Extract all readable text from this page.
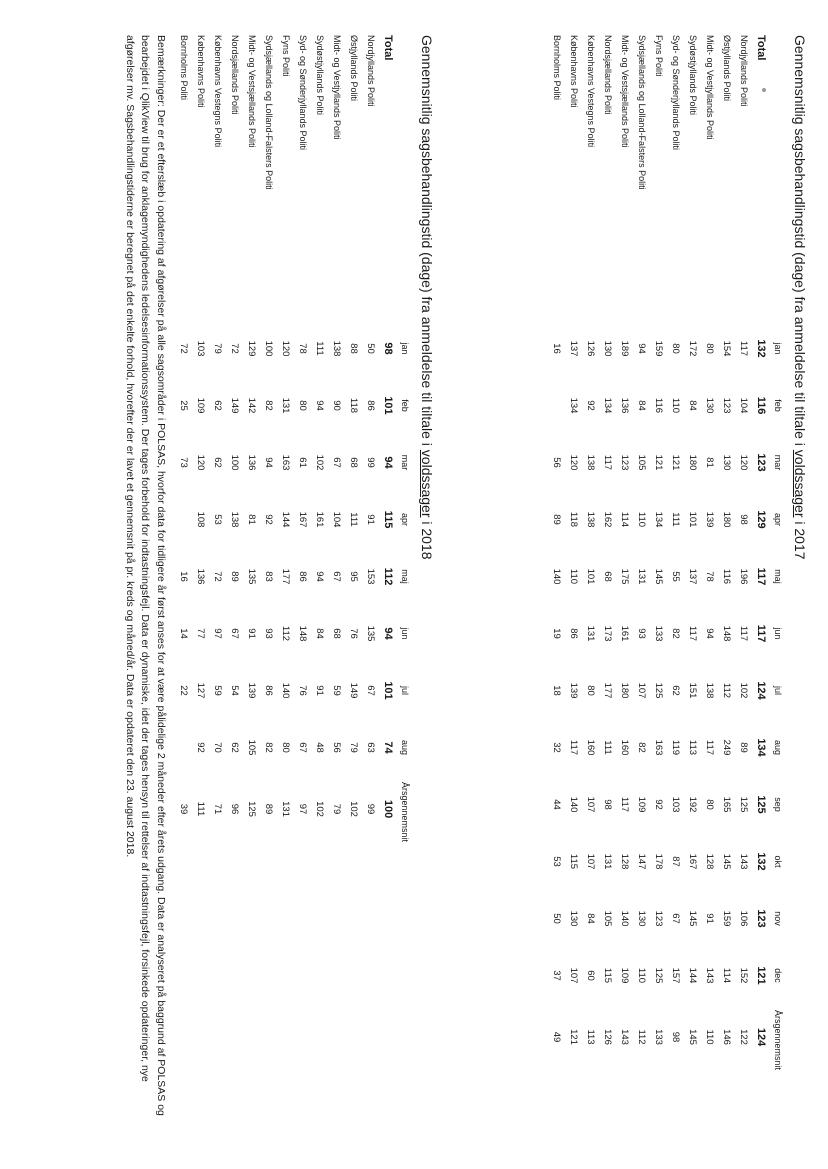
Gennemsnitlig sagsbehandlingstid (dage) fra anmeldelse til tiltale i voldssager i 2017
	jan	feb	mar	apr	maj	jun	jul	aug	sep	okt	nov	dec	Årsgennemsnit
Total	132	116	123	129	117	117	124	134	125	132	123	121	124
Nordjyllands Politi	117	104	120	98	196	117	102	89	125	143	106	152	122
Østjyllands Politi	154	123	130	180	116	148	112	249	165	145	159	114	146
Midt- og Vestjyllands Politi	80	130	81	139	78	94	138	117	80	128	91	143	110
Sydøstjyllands Politi	172	84	180	101	137	117	151	113	192	167	145	144	145
Syd- og Sønderjyllands Politi	80	110	121	111	55	82	62	119	103	87	67	157	98
Fyns Politi	159	116	121	134	145	133	125	163	92	178	123	125	133
Sydsjællands og Lolland-Falsters Politi	94	84	105	110	131	93	107	82	109	147	130	110	112
Midt- og Vestsjællands Politi	189	136	123	114	175	161	180	160	117	128	140	109	143
Nordsjællands Politi	130	134	117	162	68	173	177	111	98	131	105	115	126
Københavns Vestegns Politi	126	92	138	138	101	131	80	160	107	107	84	60	113
Københavns Politi	137	134	120	118	110	86	139	117	140	115	130	107	121
Bornholms Politi	16		56	89	140	19	18	32	44	53	50	37	49
Gennemsnitlig sagsbehandlingstid (dage) fra anmeldelse til tiltale i voldssager i 2018
	jan	feb	mar	apr	maj	jun	jul	aug	Årsgennemsnit
Total	98	101	94	115	112	94	101	74	100
Nordjyllands Politi	50	86	99	91	153	135	67	63	99
Østjyllands Politi	88	118	68	111	95	76	149	79	102
Midt- og Vestjyllands Politi	138	90	67	104	67	68	59	56	79
Sydøstjyllands Politi	111	94	102	161	94	84	91	48	102
Syd- og Sønderjyllands Politi	78	80	61	167	86	148	76	67	97
Fyns Politi	120	131	163	144	177	112	140	80	131
Sydsjællands og Lolland-Falsters Politi	100	82	94	92	83	93	86	82	89
Midt- og Vestsjællands Politi	129	142	136	81	135	91	139	105	125
Nordsjællands Politi	72	149	100	138	89	67	54	62	96
Københavns Vestegns Politi	79	62	62	53	72	97	59	70	71
Københavns Politi	103	109	120	108	136	77	127	92	111
Bornholms Politi	72	25	73		16	14	22		39

Bemærkninger: Der er et efterslæb i opdatering af afgørelser på alle sagsområder i POLSAS, hvorfor data for tidligere år først anses for at være pålidelige 2 måneder efter årets udgang. Data er analyseret på baggrund af POLSAS og bearbejdet i QlikView til brug for anklagemyndighedens ledelsesinformationssystem. Der tages forbehold for indtastningsfejl. Data er dynamiske, idet der tages hensyn til rettelser af indtastningsfejl, forsinkede opdateringer, nye afgørelser mv. Sagsbehandlingstiderne er beregnet på det enkelte forhold, hvorefter der er lavet et gennemsnit på pr. kreds og måned/år. Data er opdateret den 23. august 2018.
